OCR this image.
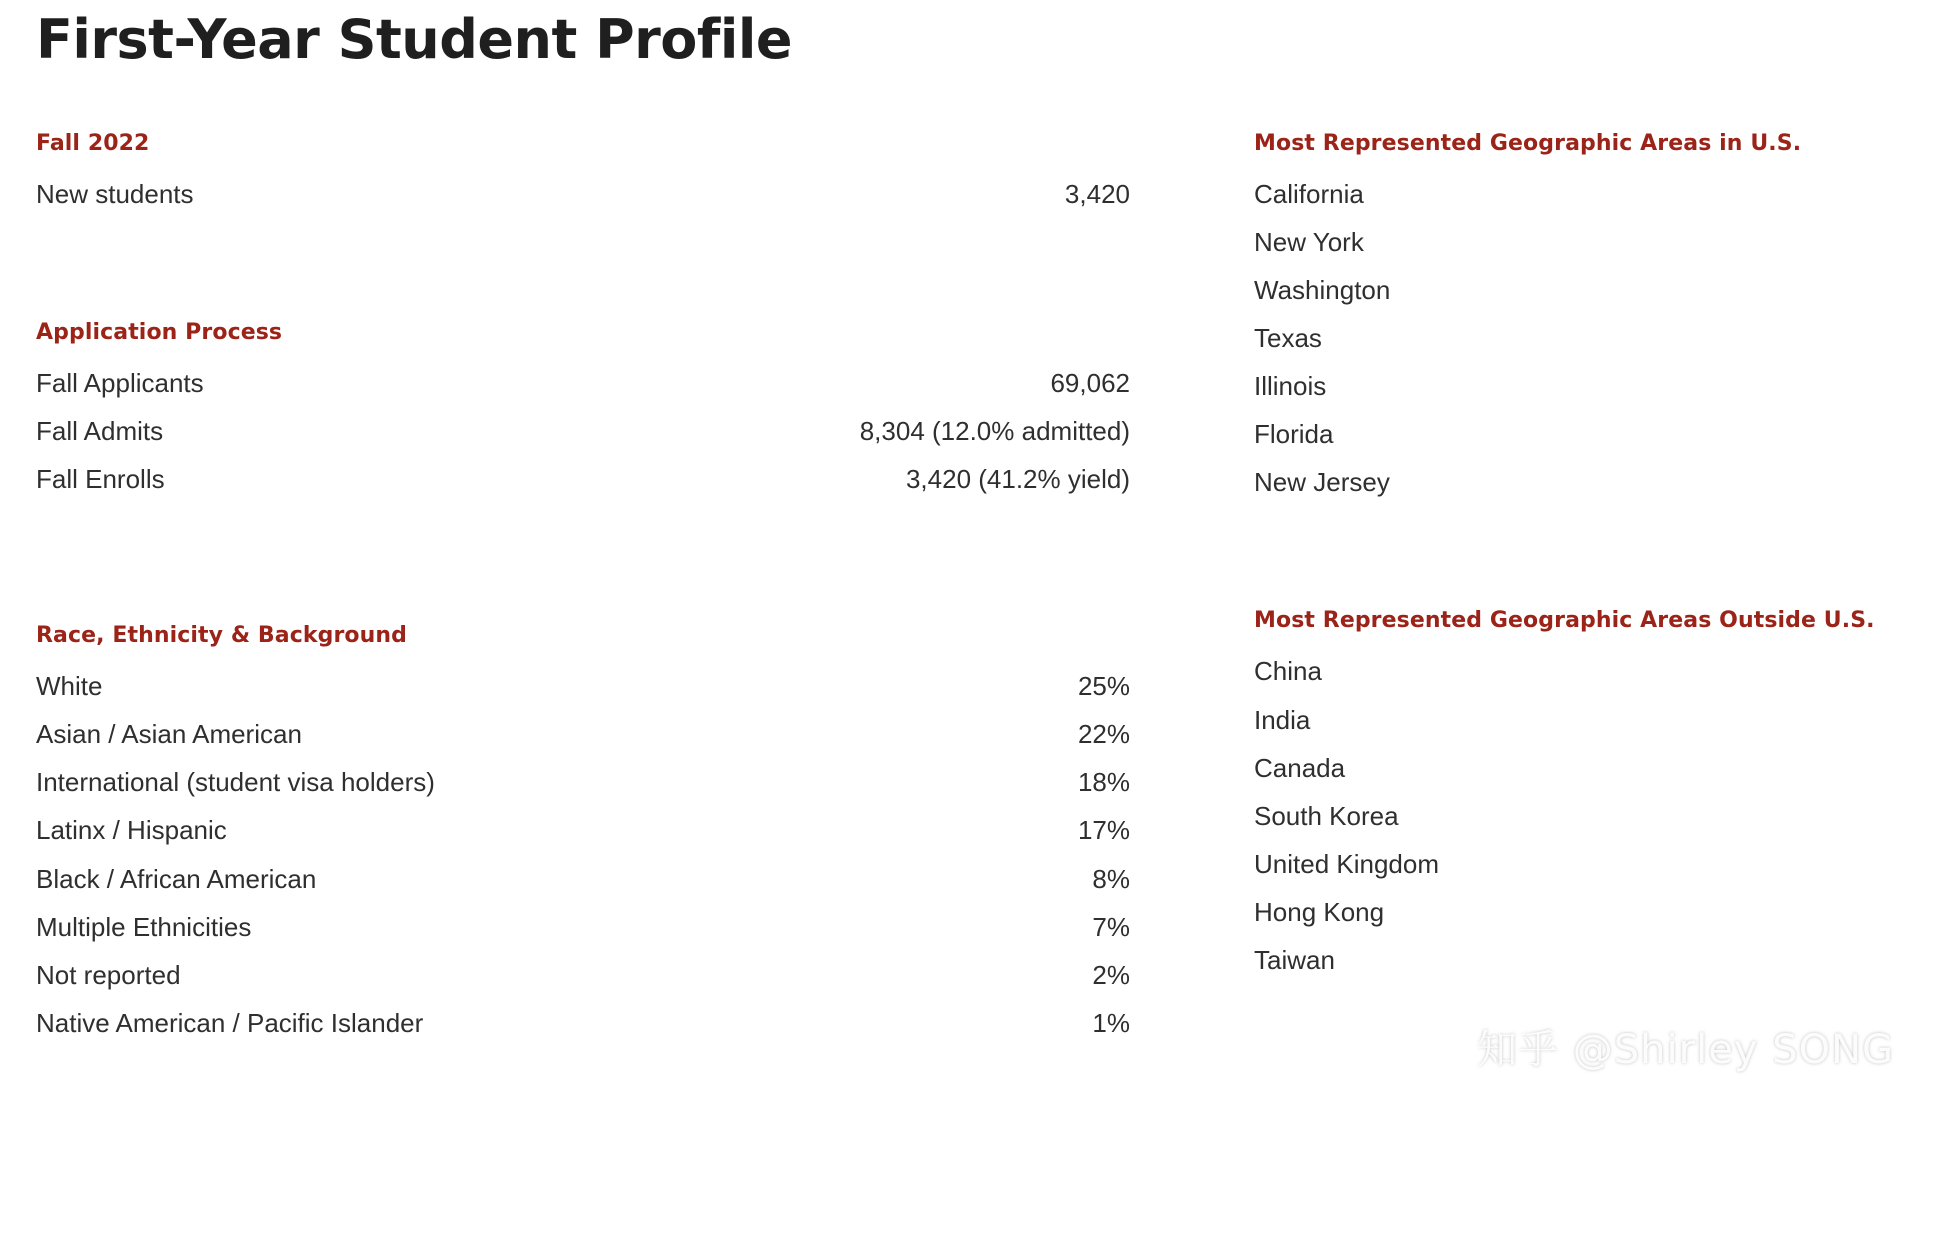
First-Year Student Profile
Fall 2022
New students	3,420
Application Process
Fall Applicants	69,062
Fall Admits	8,304 (12.0% admitted)
Fall Enrolls	3,420 (41.2% yield)
Race, Ethnicity & Background
White	25%
Asian / Asian American	22%
International (student visa holders)	18%
Latinx / Hispanic	17%
Black / African American	8%
Multiple Ethnicities	7%
Not reported	2%
Native American / Pacific Islander	1%
Most Represented Geographic Areas in U.S.
California
New York
Washington
Texas
Illinois
Florida
New Jersey
Most Represented Geographic Areas Outside U.S.
China
India
Canada
South Korea
United Kingdom
Hong Kong
Taiwan
知乎 @Shirley SONG
